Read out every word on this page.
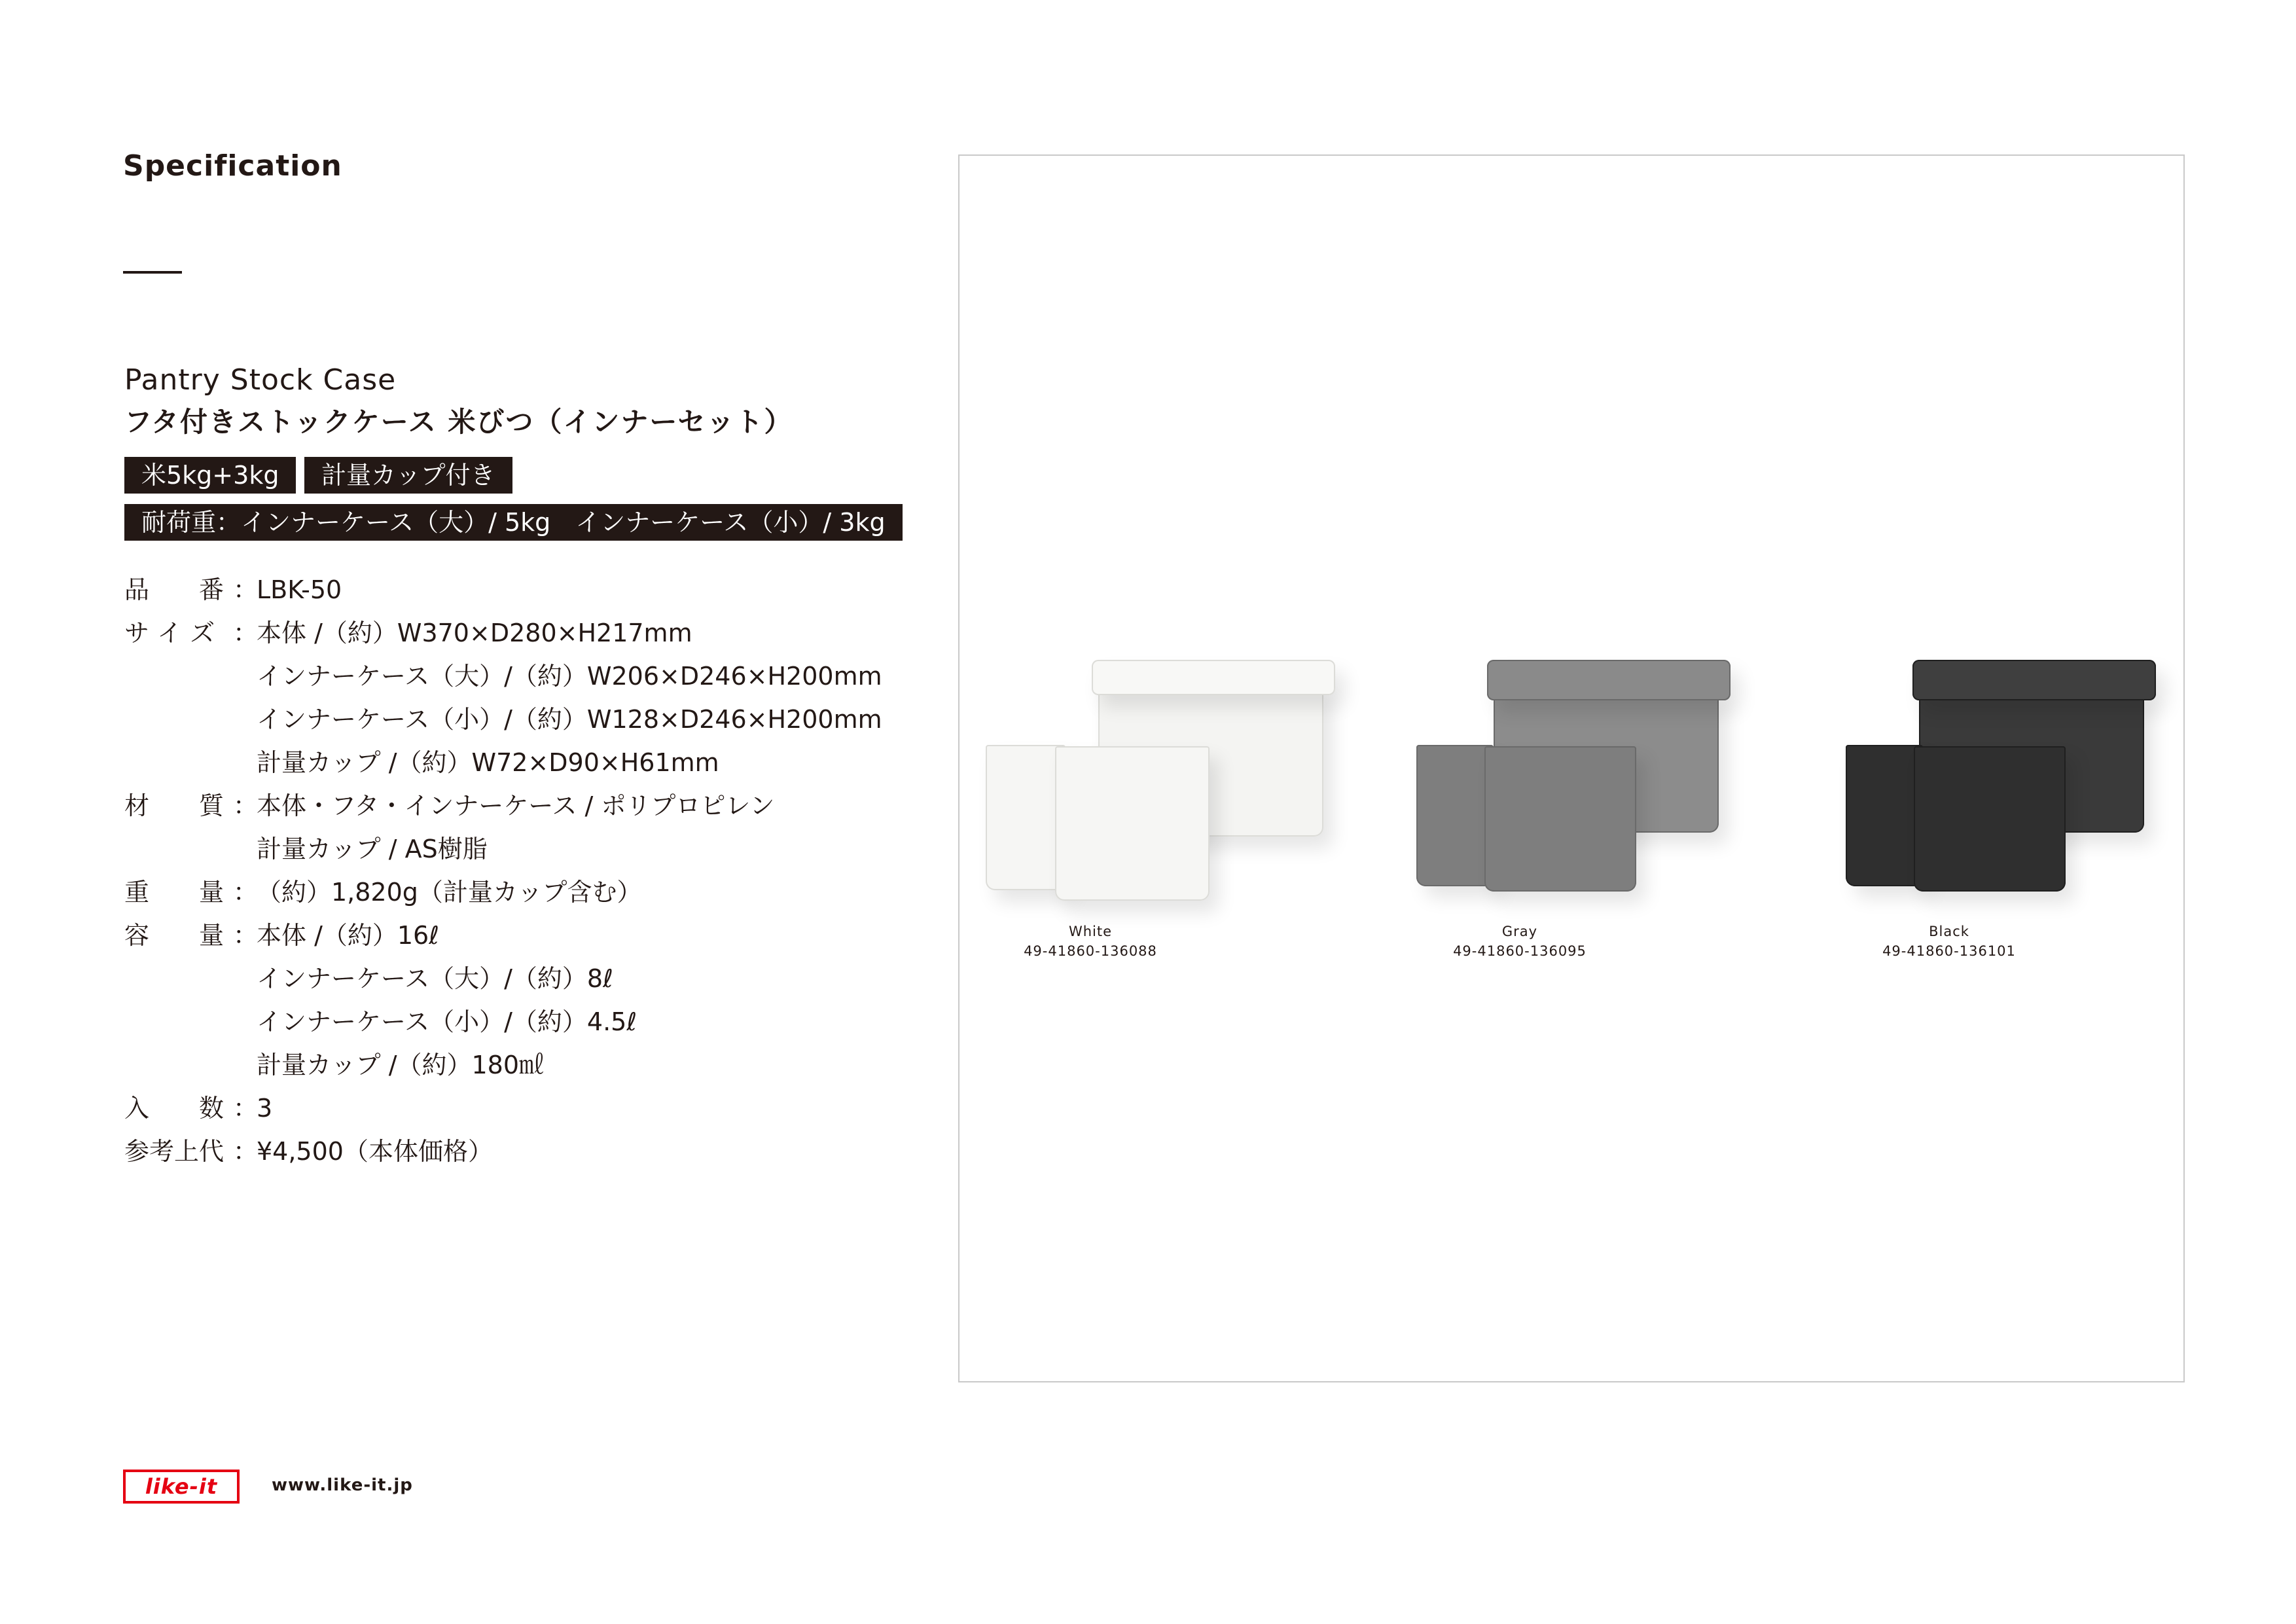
Specification
Pantry Stock Case
フタ付きストックケース 米びつ（インナーセット）
米5kg+3kg	計量カップ付き
耐荷重：インナーケース（大）/ 5kg　インナーケース（小）/ 3kg
品　　番 ：
LBK-50
サ イ ズ ：
本体 /（約）W370×D280×H217mm
インナーケース（大）/（約）W206×D246×H200mm
インナーケース（小）/（約）W128×D246×H200mm
計量カップ /（約）W72×D90×H61mm
材　　質 ：
本体・フタ・インナーケース / ポリプロピレン
計量カップ / AS樹脂
重　　量 ：
（約）1,820g（計量カップ含む）
容　　量 ：
本体 /（約）16ℓ
インナーケース（大）/（約）8ℓ
インナーケース（小）/（約）4.5ℓ
計量カップ /（約）180㎖
入　　数 ：
3
参考上代 ：
¥4,500（本体価格）
White
49-41860-136088
Gray
49-41860-136095
Black
49-41860-136101
like-it	www.like-it.jp
